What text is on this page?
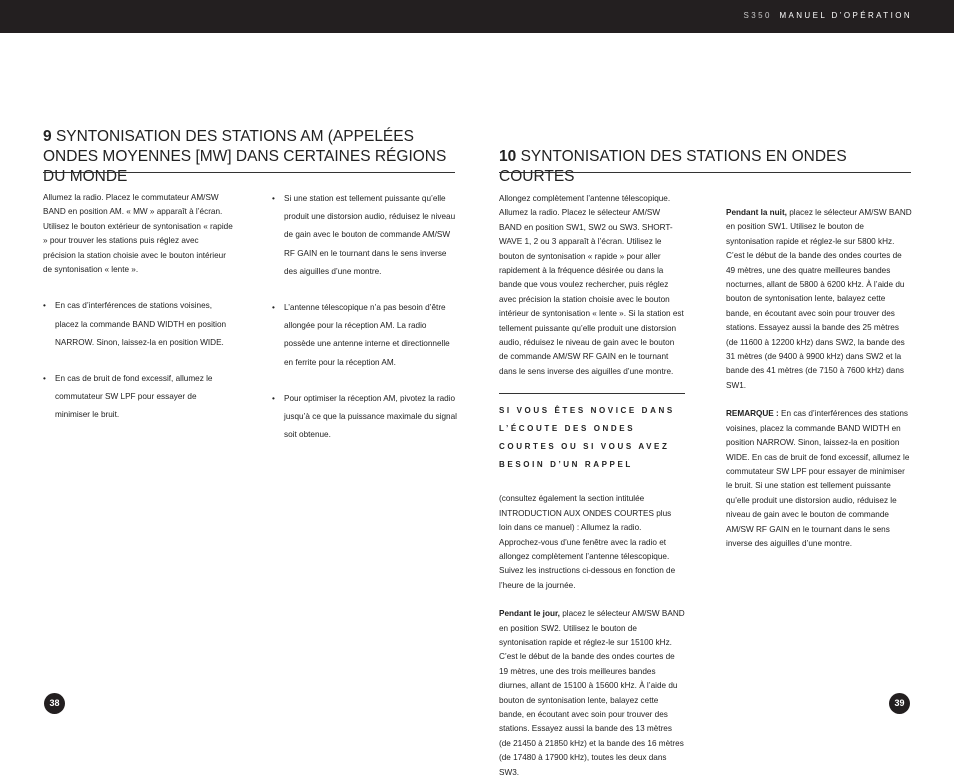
S350 MANUEL D’OPÉRATION
9 SYNTONISATION DES STATIONS AM (APPELÉES ONDES MOYENNES [MW] DANS CERTAINES RÉGIONS DU MONDE
10 SYNTONISATION DES STATIONS EN ONDES COURTES

Allumez la radio. Placez le commutateur AM/SW BAND en position AM. « MW » apparaît à l’écran. Utilisez le bouton extérieur de syntonisation « rapide » pour trouver les stations puis réglez avec précision la station choisie avec le bouton intérieur de syntonisation « lente ».

• En cas d’interférences de stations voisines, placez la commande BAND WIDTH en position NARROW. Sinon, laissez-la en position WIDE.
• En cas de bruit de fond excessif, allumez le commutateur SW LPF pour essayer de minimiser le bruit.
• Si une station est tellement puissante qu’elle produit une distorsion audio, réduisez le niveau de gain avec le bouton de commande AM/SW RF GAIN en le tournant dans le sens inverse des aiguilles d’une montre.
• L’antenne télescopique n’a pas besoin d’être allongée pour la réception AM. La radio possède une antenne interne et directionnelle en ferrite pour la réception AM.
• Pour optimiser la réception AM, pivotez la radio jusqu’à ce que la puissance maximale du signal soit obtenue.

Allongez complètement l’antenne télescopique. Allumez la radio. Placez le sélecteur AM/SW BAND en position SW1, SW2 ou SW3. SHORT-WAVE 1, 2 ou 3 apparaît à l’écran. Utilisez le bouton de syntonisation « rapide » pour aller rapidement à la fréquence désirée ou dans la bande que vous voulez rechercher, puis réglez avec précision la station choisie avec le bouton intérieur de syntonisation « lente ». Si la station est tellement puissante qu’elle produit une distorsion audio, réduisez le niveau de gain avec le bouton de commande AM/SW RF GAIN en le tournant dans le sens inverse des aiguilles d’une montre.

SI VOUS ÊTES NOVICE DANS L’ÉCOUTE DES ONDES COURTES OU SI VOUS AVEZ BESOIN D’UN RAPPEL

(consultez également la section intitulée INTRODUCTION AUX ONDES COURTES plus loin dans ce manuel) : Allumez la radio. Approchez-vous d’une fenêtre avec la radio et allongez complètement l’antenne télescopique. Suivez les instructions ci-dessous en fonction de l’heure de la journée.

Pendant le jour, placez le sélecteur AM/SW BAND en position SW2. Utilisez le bouton de syntonisation rapide et réglez-le sur 15100 kHz. C’est le début de la bande des ondes courtes de 19 mètres, une des trois meilleures bandes diurnes, allant de 15100 à 15600 kHz. À l’aide du bouton de syntonisation lente, balayez cette bande, en écoutant avec soin pour trouver des stations. Essayez aussi la bande des 13 mètres (de 21450 à 21850 kHz) et la bande des 16 mètres (de 17480 à 17900 kHz), toutes les deux dans SW3.

Pendant la nuit, placez le sélecteur AM/SW BAND en position SW1. Utilisez le bouton de syntonisation rapide et réglez-le sur 5800 kHz. C’est le début de la bande des ondes courtes de 49 mètres, une des quatre meilleures bandes nocturnes, allant de 5800 à 6200 kHz. À l’aide du bouton de syntonisation lente, balayez cette bande, en écoutant avec soin pour trouver des stations. Essayez aussi la bande des 25 mètres (de 11600 à 12200 kHz) dans SW2, la bande des 31 mètres (de 9400 à 9900 kHz) dans SW2 et la bande des 41 mètres (de 7150 à 7600 kHz) dans SW1.

REMARQUE : En cas d’interférences des stations voisines, placez la commande BAND WIDTH en position NARROW. Sinon, laissez-la en position WIDE. En cas de bruit de fond excessif, allumez le commutateur SW LPF pour essayer de minimiser le bruit. Si une station est tellement puissante qu’elle produit une distorsion audio, réduisez le niveau de gain avec le bouton de commande AM/SW RF GAIN en le tournant dans le sens inverse des aiguilles d’une montre.

38	39
